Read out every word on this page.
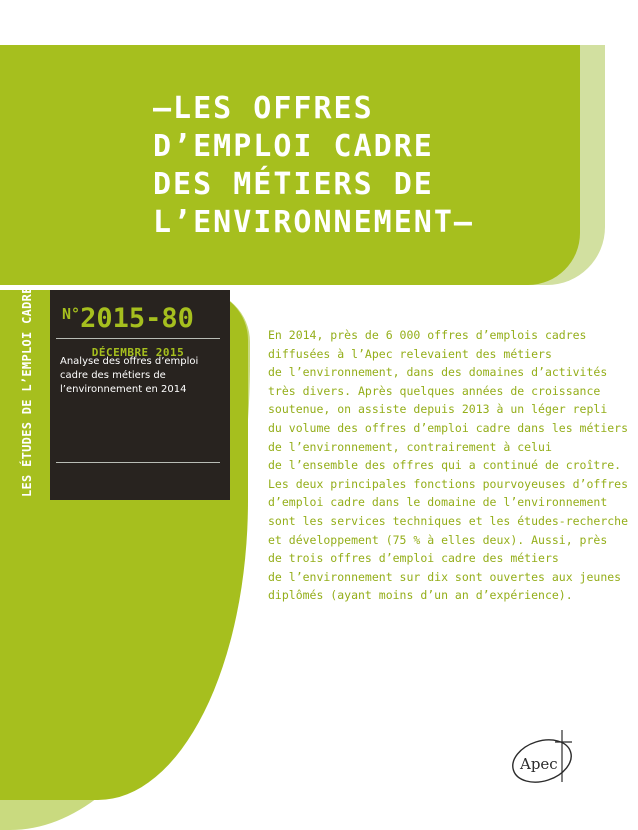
–LES OFFRES
D’EMPLOI CADRE
DES MÉTIERS DE
L’ENVIRONNEMENT–
LES ÉTUDES DE L’EMPLOI CADRE N°2015-80
DÉCEMBRE 2015
Analyse des offres d’emploi cadre des métiers de l’environnement en 2014
En 2014, près de 6 000 offres d’emplois cadres
diffusées à l’Apec relevaient des métiers
de l’environnement, dans des domaines d’activités
très divers. Après quelques années de croissance
soutenue, on assiste depuis 2013 à un léger repli
du volume des offres d’emploi cadre dans les métiers
de l’environnement, contrairement à celui
de l’ensemble des offres qui a continué de croître.
Les deux principales fonctions pourvoyeuses d’offres
d’emploi cadre dans le domaine de l’environnement
sont les services techniques et les études-recherche
et développement (75 % à elles deux). Aussi, près
de trois offres d’emploi cadre des métiers
de l’environnement sur dix sont ouvertes aux jeunes
diplômés (ayant moins d’un an d’expérience).
Apec
